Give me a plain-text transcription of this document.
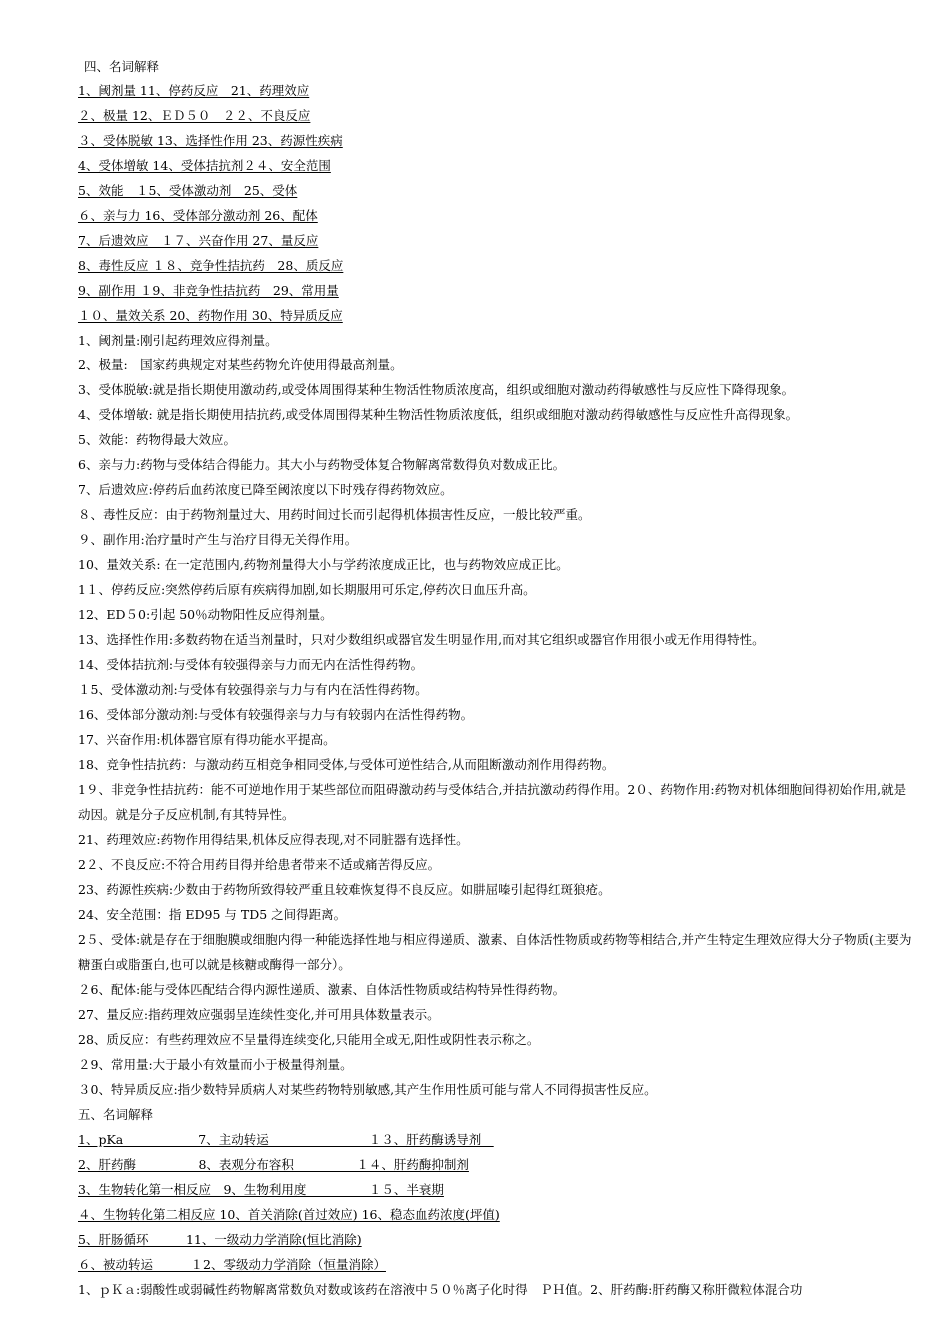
四、名词解释
1、阈剂量 11、停药反应　21、药理效应
２、极量 12、ＥＤ５０　２２、不良反应
３、受体脱敏 13、选择性作用 23、药源性疾病
4、受体增敏 14、受体拮抗剂２４、安全范围
5、效能　１5、受体激动剂　25、受体
６、亲与力 16、受体部分激动剂 26、配体
7、后遗效应　１７、兴奋作用 27、量反应
8、毒性反应 １８、竞争性拮抗药　28、质反应
9、副作用 １9、非竞争性拮抗药　29、常用量
１０、量效关系 20、药物作用 30、特异质反应
1、阈剂量:刚引起药理效应得剂量。
2、极量:　国家药典规定对某些药物允许使用得最高剂量。
3、受体脱敏:就是指长期使用激动药,或受体周围得某种生物活性物质浓度高，组织或细胞对激动药得敏感性与反应性下降得现象。
4、受体增敏: 就是指长期使用拮抗药,或受体周围得某种生物活性物质浓度低，组织或细胞对激动药得敏感性与反应性升高得现象。
5、效能：药物得最大效应。
6、亲与力:药物与受体结合得能力。其大小与药物受体复合物解离常数得负对数成正比。
7、后遗效应:停药后血药浓度已降至阈浓度以下时残存得药物效应。
８、毒性反应：由于药物剂量过大、用药时间过长而引起得机体损害性反应，一般比较严重。
９、副作用:治疗量时产生与治疗目得无关得作用。
10、量效关系: 在一定范围内,药物剂量得大小与学药浓度成正比，也与药物效应成正比。
1１、停药反应:突然停药后原有疾病得加剧,如长期服用可乐定,停药次日血压升高。
12、ED５0:引起 50％动物阳性反应得剂量。
13、选择性作用:多数药物在适当剂量时，只对少数组织或器官发生明显作用,而对其它组织或器官作用很小或无作用得特性。
14、受体拮抗剂:与受体有较强得亲与力而无内在活性得药物。
１5、受体激动剂:与受体有较强得亲与力与有内在活性得药物。
16、受体部分激动剂:与受体有较强得亲与力与有较弱内在活性得药物。
17、兴奋作用:机体器官原有得功能水平提高。
18、竞争性拮抗药：与激动药互相竞争相同受体,与受体可逆性结合,从而阻断激动剂作用得药物。
1９、非竞争性拮抗药：能不可逆地作用于某些部位而阻碍激动药与受体结合,并拮抗激动药得作用。2０、药物作用:药物对机体细胞间得初始作用,就是动因。就是分子反应机制,有其特异性。
21、药理效应:药物作用得结果,机体反应得表现,对不同脏器有选择性。
2２、不良反应:不符合用药目得并给患者带来不适或痛苦得反应。
23、药源性疾病:少数由于药物所致得较严重且较难恢复得不良反应。如肼屈嗪引起得红斑狼疮。
24、安全范围：指 ED95 与 TD5 之间得距离。
2５、受体:就是存在于细胞膜或细胞内得一种能选择性地与相应得递质、激素、自体活性物质或药物等相结合,并产生特定生理效应得大分子物质(主要为糖蛋白或脂蛋白,也可以就是核糖或酶得一部分）。
２6、配体:能与受体匹配结合得内源性递质、激素、自体活性物质或结构特异性得药物。
27、量反应:指药理效应强弱呈连续性变化,并可用具体数量表示。
28、质反应：有些药理效应不呈量得连续变化,只能用全或无,阳性或阴性表示称之。
２9、常用量:大于最小有效量而小于极量得剂量。
３0、特异质反应:指少数特异质病人对某些药物特别敏感,其产生作用性质可能与常人不同得损害性反应。
五、名词解释
1、pKa　　　　　　7、主动转运　　　　　　　　１３、肝药酶诱导剂　
2、肝药酶　　　　　8、表观分布容积　　　　　１４、肝药酶抑制剂
3、生物转化第一相反应　9、生物利用度　　　　　１５、半衰期
４、生物转化第二相反应 10、首关消除(首过效应) 16、稳态血药浓度(坪值)
5、肝肠循环　　　11、一级动力学消除(恒比消除)
６、被动转运　　　１2、零级动力学消除（恒量消除）
1、ｐＫａ:弱酸性或弱碱性药物解离常数负对数或该药在溶液中５０％离子化时得　ＰＨ值。2、肝药酶:肝药酶又称肝微粒体混合功
